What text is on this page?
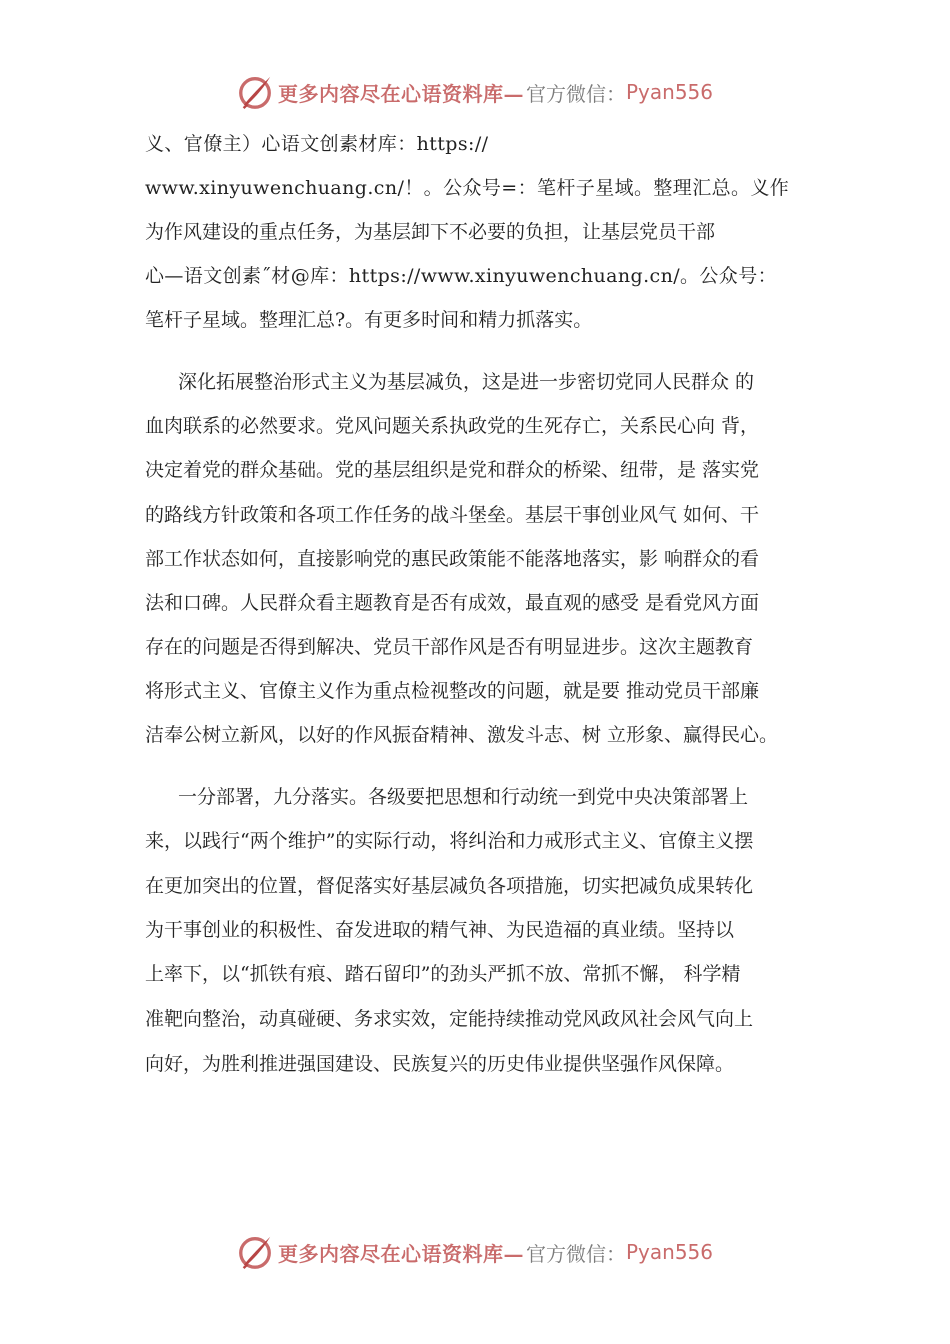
更多内容尽在心语资料库— 官方微信： Pyan556
义、官僚主）心语文创素材库：https://
www.xinyuwenchuang.cn/！。公众号=：笔杆子星域。整理汇总。义作
为作风建设的重点任务，为基层卸下不必要的负担，让基层党员干部
心—语文创素˝材@库：https://www.xinyuwenchuang.cn/。公众号：
笔杆子星域。整理汇总?。有更多时间和精力抓落实。
深化拓展整治形式主义为基层减负，这是进一步密切党同人民群众 的
血肉联系的必然要求。党风问题关系执政党的生死存亡，关系民心向 背，
决定着党的群众基础。党的基层组织是党和群众的桥梁、纽带，是 落实党
的路线方针政策和各项工作任务的战斗堡垒。基层干事创业风气 如何、干
部工作状态如何，直接影响党的惠民政策能不能落地落实，影 响群众的看
法和口碑。人民群众看主题教育是否有成效，最直观的感受 是看党风方面
存在的问题是否得到解决、党员干部作风是否有明显进步。这次主题教育
将形式主义、官僚主义作为重点检视整改的问题，就是要 推动党员干部廉
洁奉公树立新风，以好的作风振奋精神、激发斗志、树 立形象、赢得民心。
一分部署，九分落实。各级要把思想和行动统一到党中央决策部署上
来，以践行“两个维护”的实际行动，将纠治和力戒形式主义、官僚主义摆
在更加突出的位置，督促落实好基层减负各项措施，切实把减负成果转化
为干事创业的积极性、奋发进取的精气神、为民造福的真业绩。坚持以
上率下，以“抓铁有痕、踏石留印”的劲头严抓不放、常抓不懈， 科学精
准靶向整治，动真碰硬、务求实效，定能持续推动党风政风社会风气向上
向好，为胜利推进强国建设、民族复兴的历史伟业提供坚强作风保障。
更多内容尽在心语资料库— 官方微信： Pyan556
